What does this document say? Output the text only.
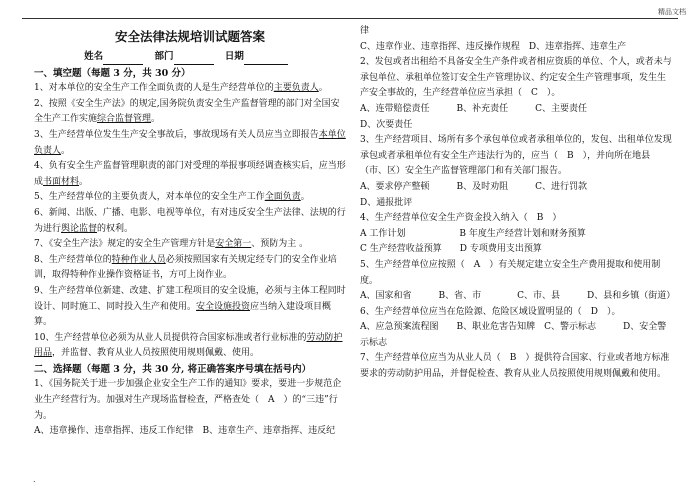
精品文档
安全法律法规培训试题答案
姓名	部门	日期
一、填空题（每题 3 分，共 30 分）

1、对本单位的安全生产工作全面负责的人是生产经营单位的主要负责人。

2、按照《安全生产法》的规定,国务院负责安全生产监督管理的部门对全国安全生产工作实施综合监督管理。

3、生产经营单位发生生产安全事故后，事故现场有关人员应当立即报告本单位负责人。

4、负有安全生产监督管理职责的部门对受理的举报事项经调查核实后，应当形成书面材料。

5、生产经营单位的主要负责人，对本单位的安全生产工作全面负责。

6、新闻、出版、广播、电影、电视等单位，有对违反安全生产法律、法规的行为进行舆论监督的权利。

7、《安全生产法》规定的安全生产管理方针是安全第一、预防为主 。

8、生产经营单位的特种作业人员必须按照国家有关规定经专门的安全作业培训，取得特种作业操作资格证书，方可上岗作业。

9、生产经营单位新建、改建、扩建工程项目的安全设施，必须与主体工程同时设计、同时施工、同时投入生产和使用。安全设施投资应当纳入建设项目概算。

10、生产经营单位必须为从业人员提供符合国家标准或者行业标准的劳动防护用品，并监督、教育从业人员按照使用规则佩戴、使用。

二、选择题（每题 3 分，共 30 分, 将正确答案序号填在括号内）

1、《国务院关于进一步加强企业安全生产工作的通知》要求，要进一步规范企业生产经营行为。加强对生产现场监督检查，严格查处（　A　）的“三违”行为。

A、违章操作、违章指挥、违反工作纪律　B、违章生产、违章指挥、违反纪

律

C、违章作业、违章指挥、违反操作规程　D、违章指挥、违章生产

2、发包或者出租给不具备安全生产条件或者相应资质的单位、个人，或者未与承包单位、承租单位签订安全生产管理协议、约定安全生产管理事项，发生生产安全事故的，生产经营单位应当承担（　C　）。

A、连带赔偿责任　　　B、补充责任　　　C、主要责任

D、次要责任

3、生产经营项目、场所有多个承包单位或者承租单位的，发包、出租单位发现承包或者承租单位有安全生产违法行为的，应当（　B　），并向所在地县（市、区）安全生产监督管理部门和有关部门报告。

A、要求停产整顿　　　B、及时劝阻　　　C、进行罚款

D、通报批评

4、生产经营单位安全生产资金投入纳入（　B　）

A 工作计划　　　　　　B 年度生产经营计划和财务预算

C 生产经营收益预算　　D 专项费用支出预算

5、生产经营单位应按照（　A　）有关规定建立安全生产费用提取和使用制度。

A、国家和省　　　B、省、市　　　　C、市、县　　　D、县和乡镇（街道）

6、生产经营单位应当在危险源、危险区域设置明显的（　D　）。

A、应急预案流程图　　B、职业危害告知牌　C、警示标志　　　D、安全警示标志

7、生产经营单位应当为从业人员（　B　）提供符合国家、行业或者地方标准要求的劳动防护用品，并督促检查、教育从业人员按照使用规则佩戴和使用。

.
